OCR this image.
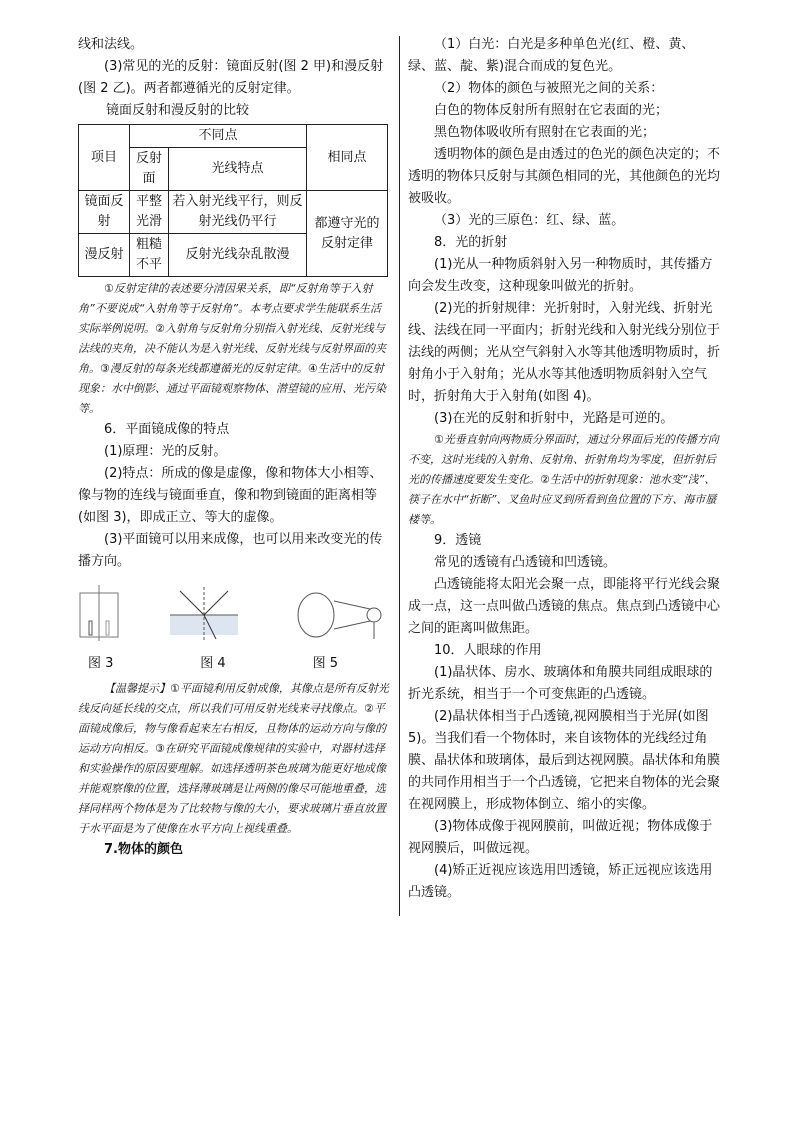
线和法线。

(3)常见的光的反射：镜面反射(图 2 甲)和漫反射(图 2 乙)。两者都遵循光的反射定律。

镜面反射和漫反射的比较

项目	不同点		相同点
	反射面	光线特点	
镜面反射	平整光滑	若入射光线平行，则反射光线仍平行	都遵守光的反射定律
漫反射	粗糙不平	反射光线杂乱散漫	

①反射定律的表述要分清因果关系，即“反射角等于入射角”不要说成“入射角等于反射角”。本考点要求学生能联系生活实际举例说明。②入射角与反射角分别指入射光线、反射光线与法线的夹角，决不能认为是入射光线、反射光线与反射界面的夹角。③漫反射的每条光线都遵循光的反射定律。④生活中的反射现象：水中倒影、通过平面镜观察物体、潜望镜的应用、光污染等。

6．平面镜成像的特点

(1)原理：光的反射。

(2)特点：所成的像是虚像，像和物体大小相等、像与物的连线与镜面垂直，像和物到镜面的距离相等(如图 3)，即成正立、等大的虚像。

(3)平面镜可以用来成像，也可以用来改变光的传播方向。

图 3	图 4	图 5

【温馨提示】①平面镜利用反射成像，其像点是所有反射光线反向延长线的交点，所以我们可用反射光线来寻找像点。②平面镜成像后，物与像看起来左右相反，且物体的运动方向与像的运动方向相反。③在研究平面镜成像规律的实验中，对器材选择和实验操作的原因要理解。如选择透明茶色玻璃为能更好地成像并能观察像的位置，选择薄玻璃是让两侧的像尽可能地重叠，选择同样两个物体是为了比较物与像的大小，要求玻璃片垂直放置于水平面是为了使像在水平方向上视线重叠。

7.物体的颜色

（1）白光：白光是多种单色光(红、橙、黄、绿、蓝、靛、紫)混合而成的复色光。

（2）物体的颜色与被照光之间的关系：

白色的物体反射所有照射在它表面的光；

黑色物体吸收所有照射在它表面的光；

透明物体的颜色是由透过的色光的颜色决定的；不透明的物体只反射与其颜色相同的光，其他颜色的光均被吸收。

（3）光的三原色：红、绿、蓝。

8．光的折射

(1)光从一种物质斜射入另一种物质时，其传播方向会发生改变，这种现象叫做光的折射。

(2)光的折射规律：光折射时，入射光线、折射光线、法线在同一平面内；折射光线和入射光线分别位于法线的两侧；光从空气斜射入水等其他透明物质时，折射角小于入射角；光从水等其他透明物质斜射入空气时，折射角大于入射角(如图 4)。

(3)在光的反射和折射中，光路是可逆的。

①光垂直射向两物质分界面时，通过分界面后光的传播方向不变，这时光线的入射角、反射角、折射角均为零度，但折射后光的传播速度要发生变化。②生活中的折射现象：池水变“浅”、筷子在水中“折断”、叉鱼时应叉到所看到鱼位置的下方、海市蜃楼等。

9．透镜

常见的透镜有凸透镜和凹透镜。

凸透镜能将太阳光会聚一点，即能将平行光线会聚成一点，这一点叫做凸透镜的焦点。焦点到凸透镜中心之间的距离叫做焦距。

10．人眼球的作用

(1)晶状体、房水、玻璃体和角膜共同组成眼球的折光系统，相当于一个可变焦距的凸透镜。

(2)晶状体相当于凸透镜,视网膜相当于光屏(如图 5)。当我们看一个物体时，来自该物体的光线经过角膜、晶状体和玻璃体，最后到达视网膜。晶状体和角膜的共同作用相当于一个凸透镜，它把来自物体的光会聚在视网膜上，形成物体倒立、缩小的实像。

(3)物体成像于视网膜前，叫做近视；物体成像于视网膜后，叫做远视。

(4)矫正近视应该选用凹透镜，矫正远视应该选用凸透镜。
